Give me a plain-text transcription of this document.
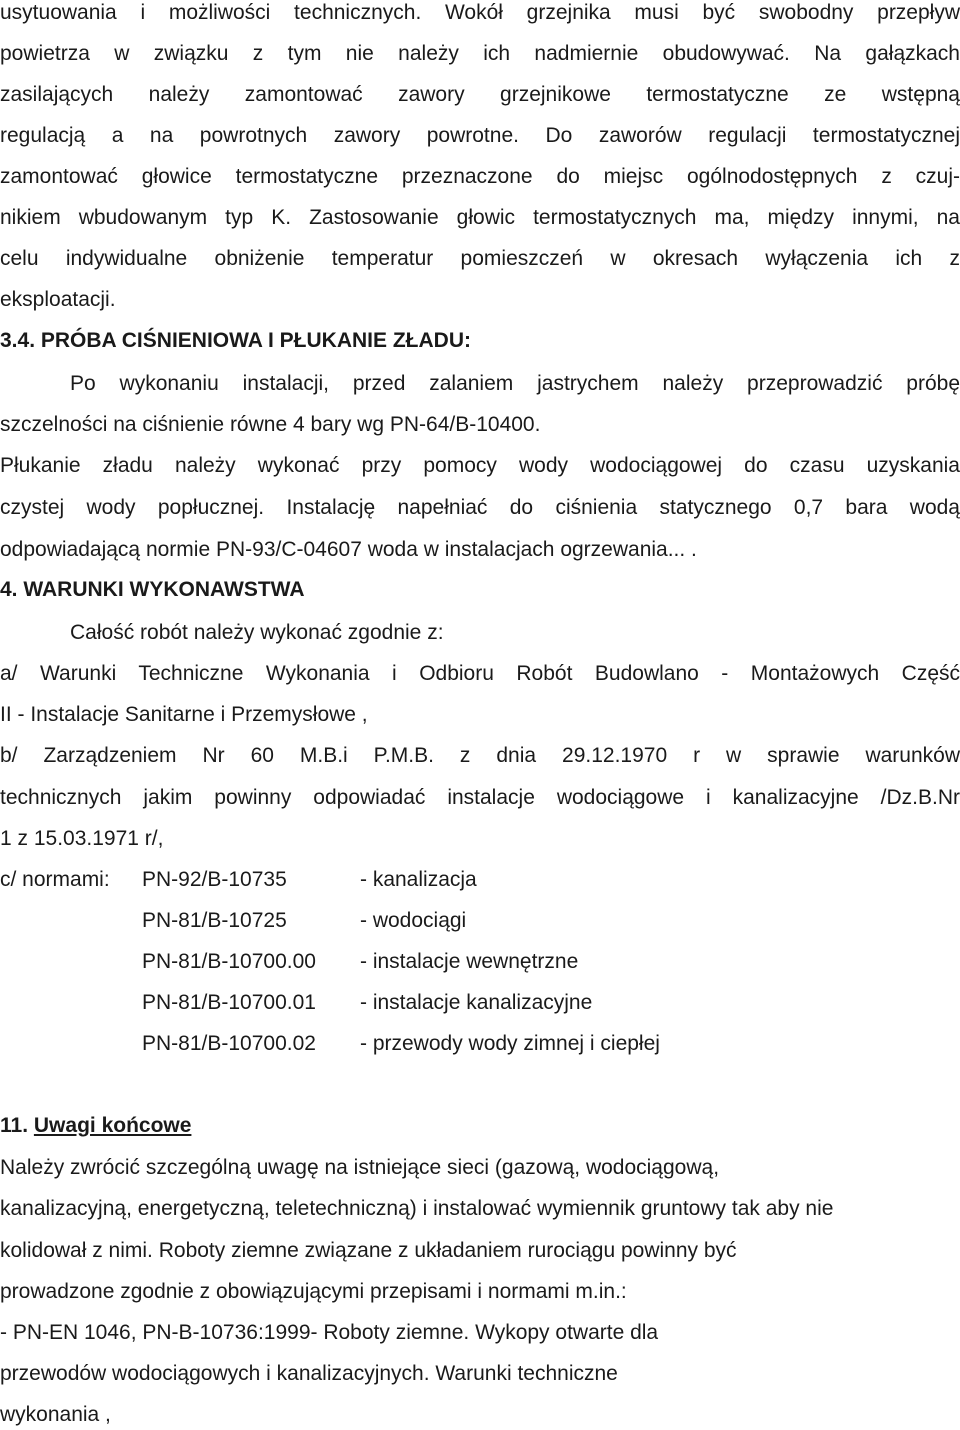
usytuowania i możliwości technicznych. Wokół grzejnika musi być swobodny przepływ
powietrza w związku z tym nie należy ich nadmiernie obudowywać. Na gałązkach
zasilających należy zamontować zawory grzejnikowe termostatyczne ze wstępną
regulacją a na powrotnych zawory powrotne. Do zaworów regulacji termostatycznej
zamontować głowice termostatyczne przeznaczone do miejsc ogólnodostępnych z czuj-
nikiem wbudowanym typ K. Zastosowanie głowic termostatycznych ma, między innymi, na
celu indywidualne obniżenie temperatur pomieszczeń w okresach wyłączenia ich z
eksploatacji.
3.4. PRÓBA CIŚNIENIOWA I PŁUKANIE ZŁADU:
Po wykonaniu instalacji, przed zalaniem jastrychem należy przeprowadzić próbę
szczelności na ciśnienie równe 4 bary wg PN-64/B-10400.
Płukanie zładu należy wykonać przy pomocy wody wodociągowej do czasu uzyskania
czystej wody popłucznej. Instalację napełniać do ciśnienia statycznego 0,7 bara wodą
odpowiadającą normie PN-93/C-04607 woda w instalacjach ogrzewania... .
4. WARUNKI WYKONAWSTWA
Całość robót należy wykonać zgodnie z:
a/ Warunki Techniczne Wykonania i Odbioru Robót Budowlano - Montażowych Część
II - Instalacje Sanitarne i Przemysłowe ,
b/ Zarządzeniem Nr 60 M.B.i P.M.B. z dnia 29.12.1970 r w sprawie warunków
technicznych jakim powinny odpowiadać instalacje wodociągowe i kanalizacyjne /Dz.B.Nr
1 z 15.03.1971 r/,
c/ normami:	PN-92/B-10735	- kanalizacja
PN-81/B-10725	- wodociągi
PN-81/B-10700.00	- instalacje wewnętrzne
PN-81/B-10700.01	- instalacje kanalizacyjne
PN-81/B-10700.02	- przewody wody zimnej i ciepłej
11. Uwagi końcowe
Należy zwrócić szczególną uwagę na istniejące sieci (gazową, wodociągową,
kanalizacyjną, energetyczną, teletechniczną) i instalować wymiennik gruntowy tak aby nie
kolidował z nimi. Roboty ziemne związane z układaniem rurociągu powinny być
prowadzone zgodnie z obowiązującymi przepisami i normami m.in.:
- PN-EN 1046, PN-B-10736:1999- Roboty ziemne. Wykopy otwarte dla
przewodów wodociągowych i kanalizacyjnych. Warunki techniczne
wykonania ,
